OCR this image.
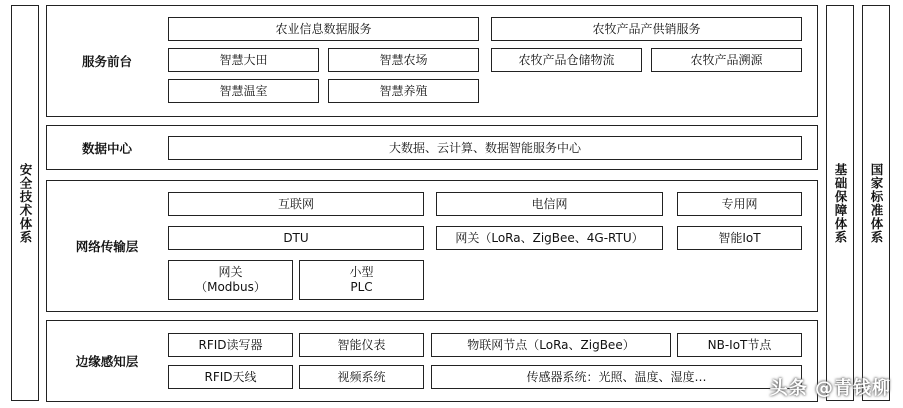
安全技术体系	基础保障体系 国家标准体系
服务前台
农业信息数据服务	农牧产品产供销服务
智慧大田	智慧农场	农牧产品仓储物流	农牧产品溯源
智慧温室	智慧养殖
数据中心	大数据、云计算、数据智能服务中心
网络传输层
互联网	电信网	专用网
DTU	网关（LoRa、ZigBee、4G-RTU）	智能IoT
网关
（Modbus）
小型
PLC
边缘感知层
RFID读写器	智能仪表	物联网节点（LoRa、ZigBee）	NB-IoT节点
RFID天线	视频系统	传感器系统：光照、温度、湿度…
头条 @青钱柳
